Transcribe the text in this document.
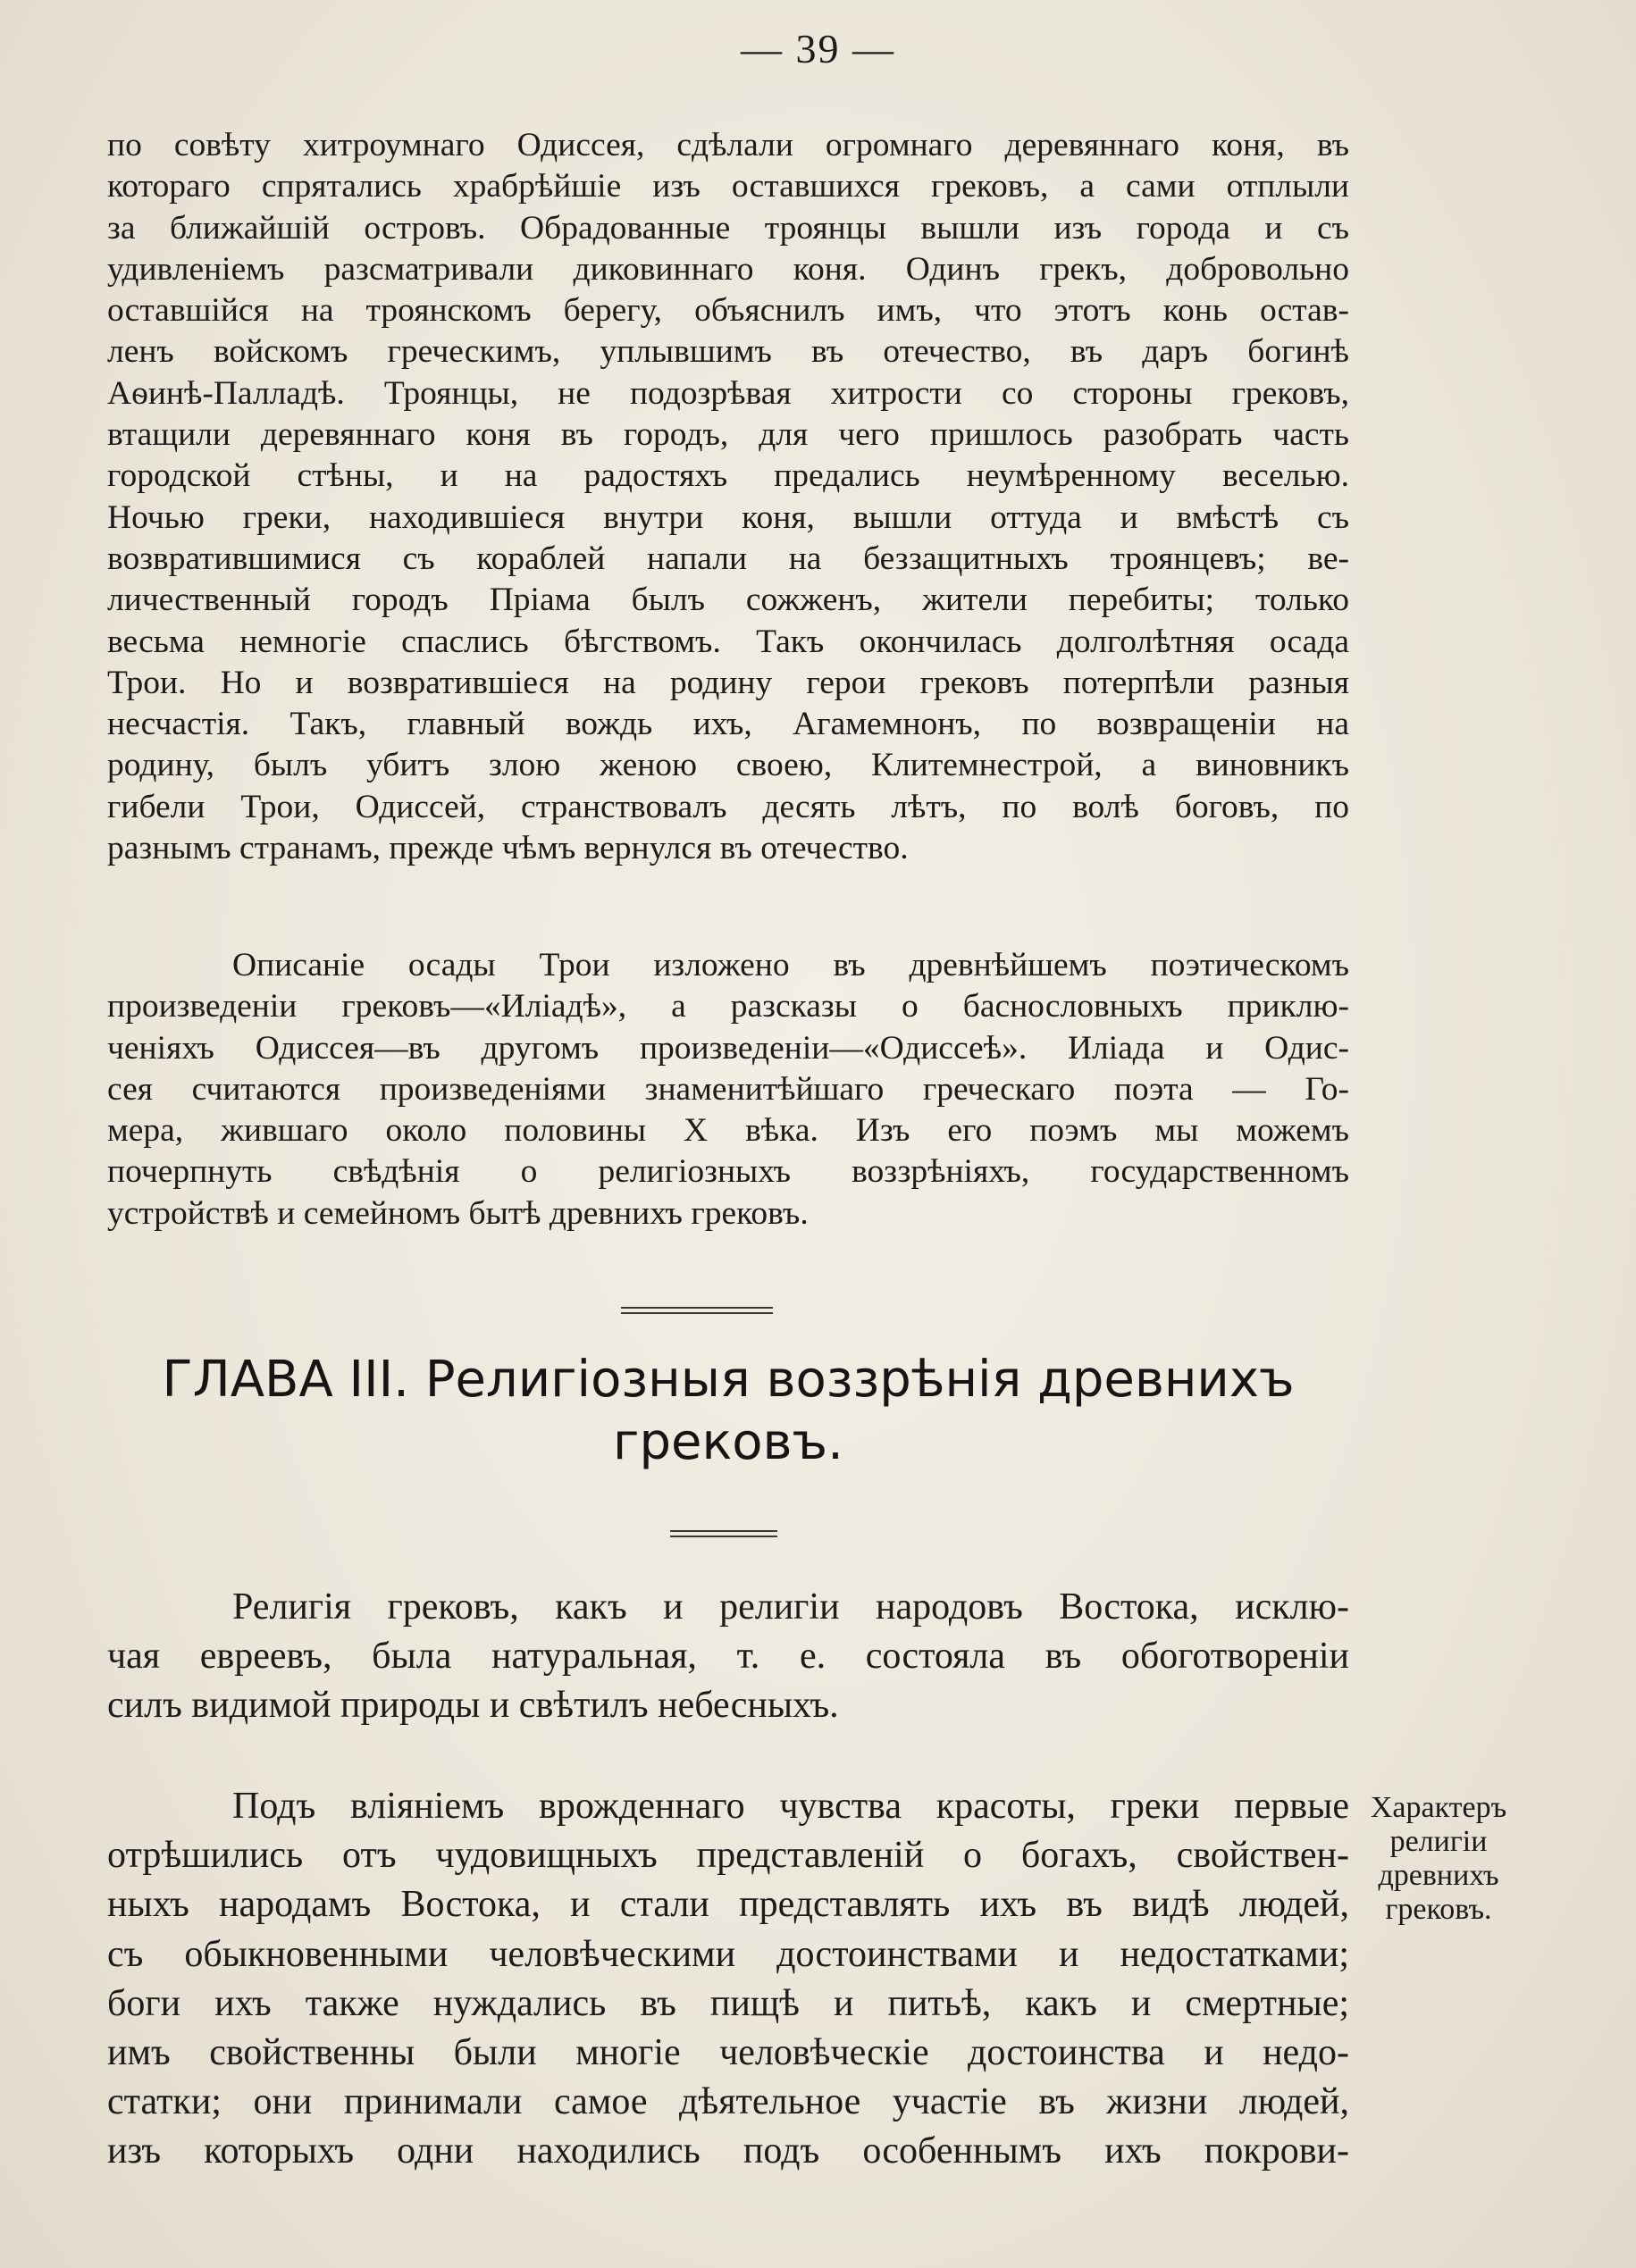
— 39 —
по совѣту хитроумнаго Одиссея, сдѣлали огромнаго деревяннаго коня, въ
котораго спрятались храбрѣйшіе изъ оставшихся грековъ, а сами отплыли
за ближайшій островъ. Обрадованные троянцы вышли изъ города и съ
удивленіемъ разсматривали диковиннаго коня. Одинъ грекъ, добровольно
оставшійся на троянскомъ берегу, объяснилъ имъ, что этотъ конь остав-
ленъ войскомъ греческимъ, уплывшимъ въ отечество, въ даръ богинѣ
Аѳинѣ-Палладѣ. Троянцы, не подозрѣвая хитрости со стороны грековъ,
втащили деревяннаго коня въ городъ, для чего пришлось разобрать часть
городской стѣны, и на радостяхъ предались неумѣренному веселью.
Ночью греки, находившіеся внутри коня, вышли оттуда и вмѣстѣ съ
возвратившимися съ кораблей напали на беззащитныхъ троянцевъ; ве-
личественный городъ Пріама былъ сожженъ, жители перебиты; только
весьма немногіе спаслись бѣгствомъ. Такъ окончилась долголѣтняя осада
Трои. Но и возвратившіеся на родину герои грековъ потерпѣли разныя
несчастія. Такъ, главный вождь ихъ, Агамемнонъ, по возвращеніи на
родину, былъ убитъ злою женою своею, Клитемнестрой, а виновникъ
гибели Трои, Одиссей, странствовалъ десять лѣтъ, по волѣ боговъ, по
разнымъ странамъ, прежде чѣмъ вернулся въ отечество.
Описаніе осады Трои изложено въ древнѣйшемъ поэтическомъ
произведеніи грековъ—«Иліадѣ», а разсказы о баснословныхъ приклю-
ченіяхъ Одиссея—въ другомъ произведеніи—«Одиссеѣ». Иліада и Одис-
сея считаются произведеніями знаменитѣйшаго греческаго поэта — Го-
мера, жившаго около половины X вѣка. Изъ его поэмъ мы можемъ
почерпнуть свѣдѣнія о религіозныхъ воззрѣніяхъ, государственномъ
устройствѣ и семейномъ бытѣ древнихъ грековъ.
ГЛАВА III. Религіозныя воззрѣнія древнихъ
грековъ.
Религія грековъ, какъ и религіи народовъ Востока, исклю-
чая евреевъ, была натуральная, т. е. состояла въ обоготвореніи
силъ видимой природы и свѣтилъ небесныхъ.
Подъ вліяніемъ врожденнаго чувства красоты, греки первые
отрѣшились отъ чудовищныхъ представленій о богахъ, свойствен-
ныхъ народамъ Востока, и стали представлять ихъ въ видѣ людей,
съ обыкновенными человѣческими достоинствами и недостатками;
боги ихъ также нуждались въ пищѣ и питьѣ, какъ и смертные;
имъ свойственны были многіе человѣческіе достоинства и недо-
статки; они принимали самое дѣятельное участіе въ жизни людей,
изъ которыхъ одни находились подъ особеннымъ ихъ покрови-
Характеръ
религіи
древнихъ
грековъ.
